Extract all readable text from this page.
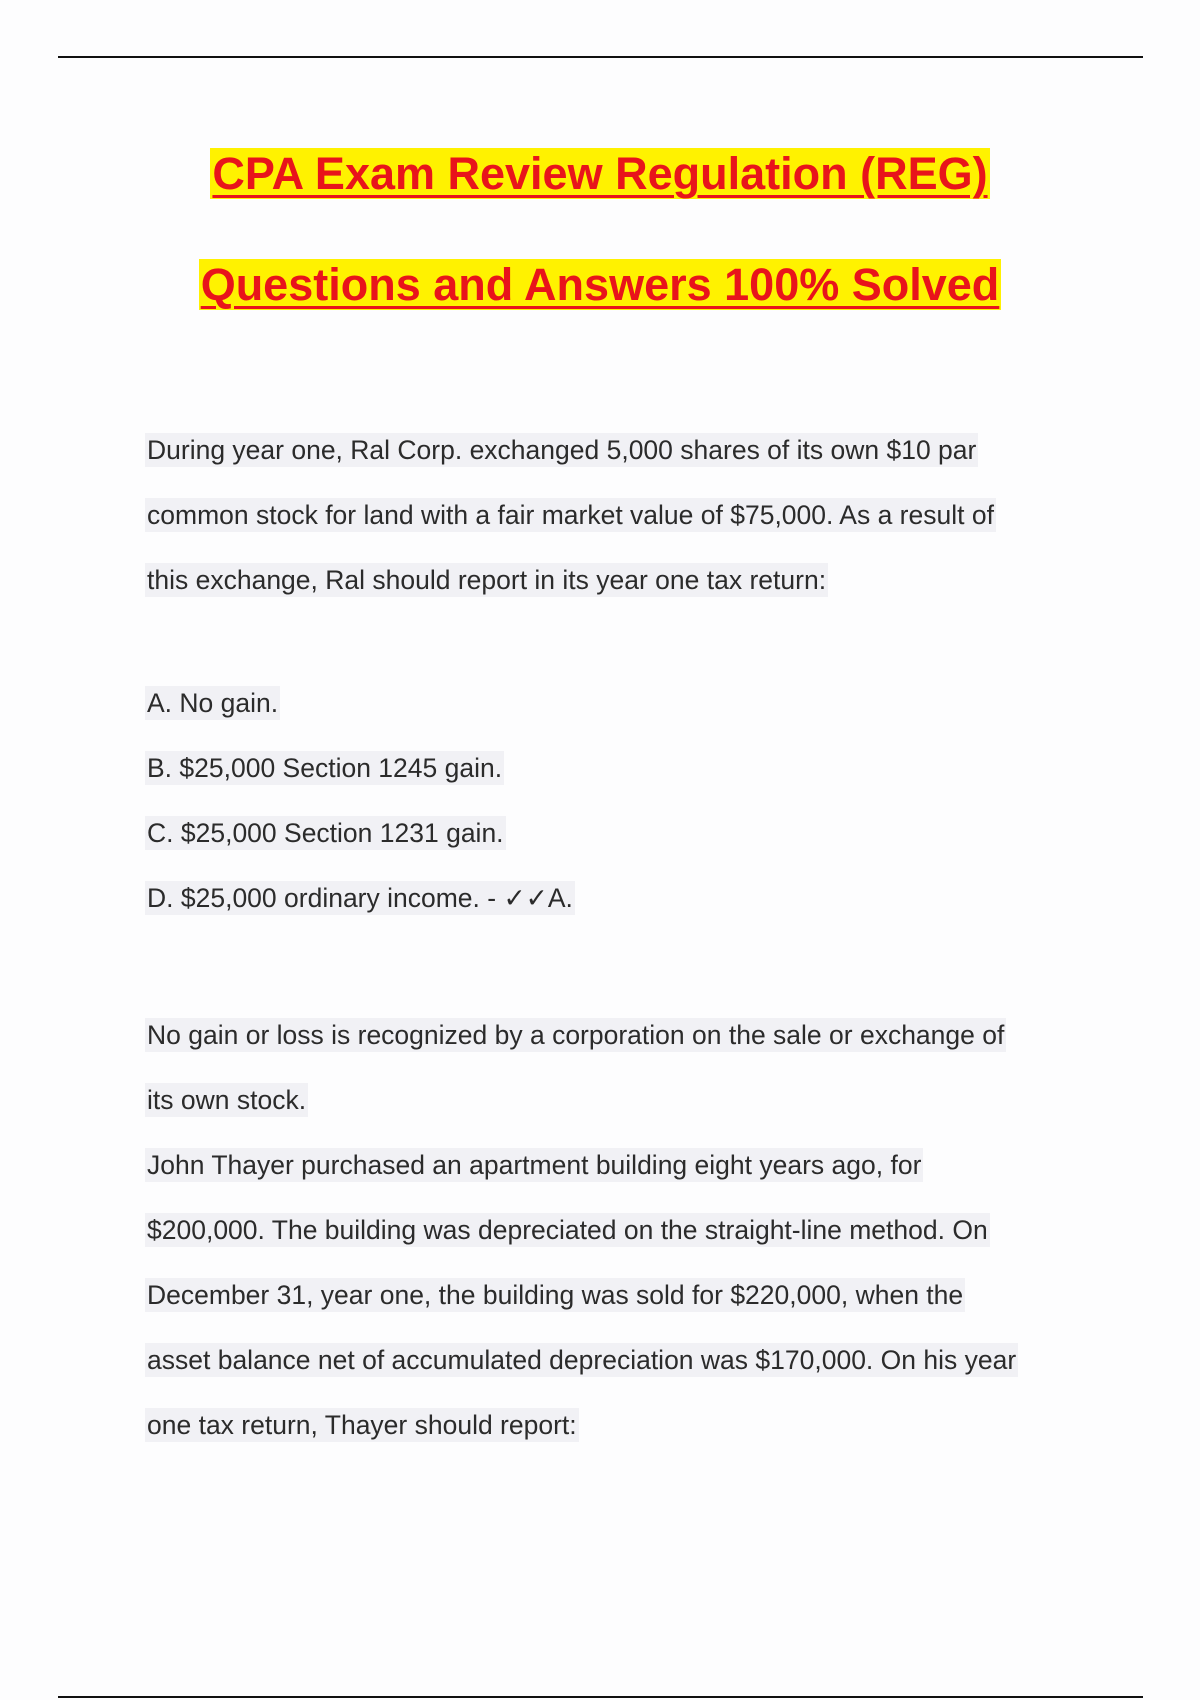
CPA Exam Review Regulation (REG)
Questions and Answers 100% Solved
During year one, Ral Corp. exchanged 5,000 shares of its own $10 par
common stock for land with a fair market value of $75,000. As a result of
this exchange, Ral should report in its year one tax return:
A. No gain.
B. $25,000 Section 1245 gain.
C. $25,000 Section 1231 gain.
D. $25,000 ordinary income. - ✓✓A.
No gain or loss is recognized by a corporation on the sale or exchange of
its own stock.
John Thayer purchased an apartment building eight years ago, for
$200,000. The building was depreciated on the straight-line method. On
December 31, year one, the building was sold for $220,000, when the
asset balance net of accumulated depreciation was $170,000. On his year
one tax return, Thayer should report:
